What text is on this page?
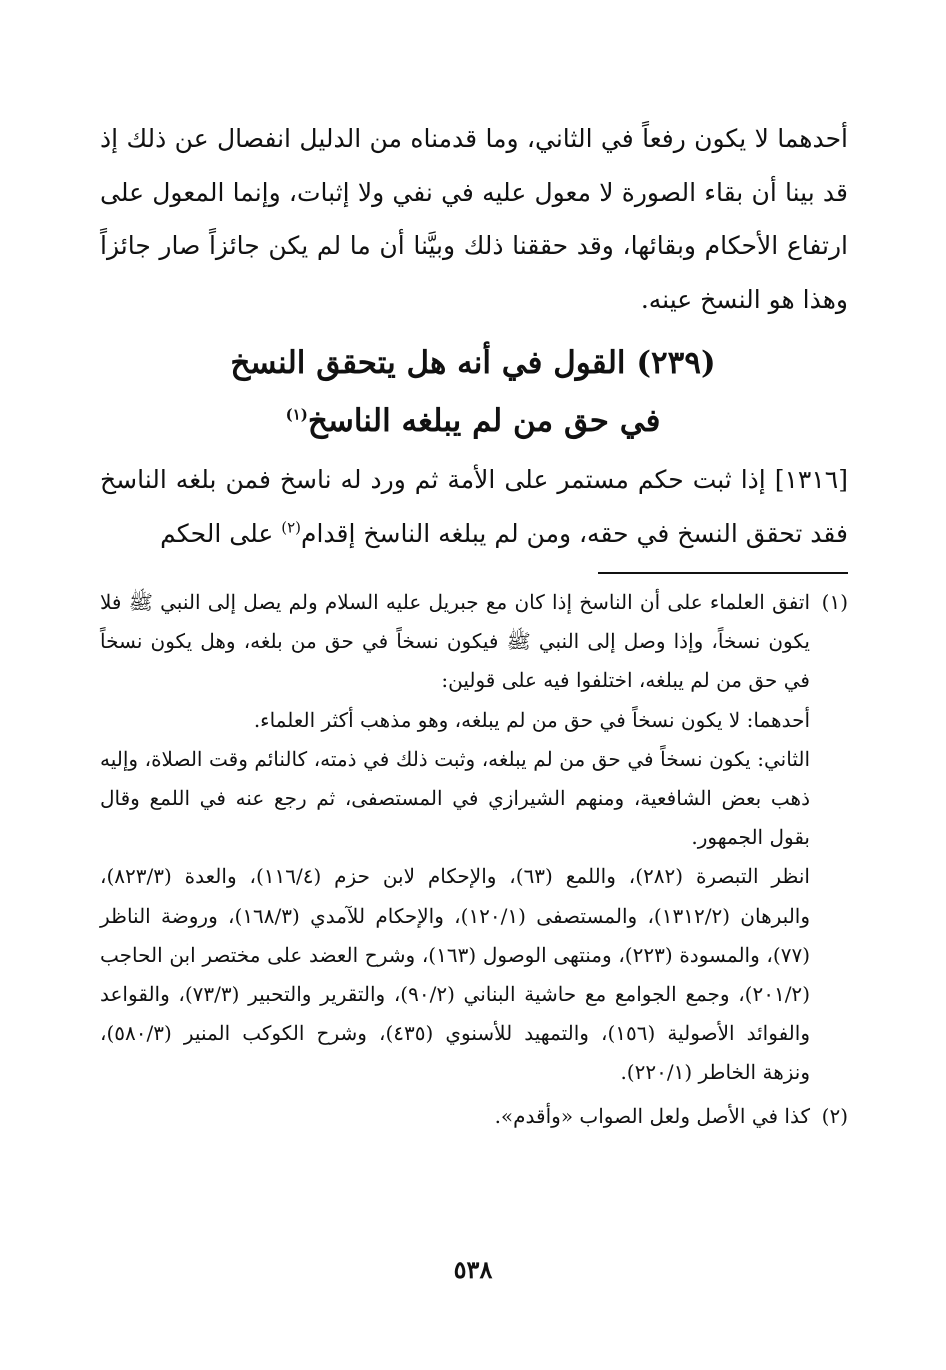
أحدهما لا يكون رفعاً في الثاني، وما قدمناه من الدليل انفصال عن ذلك إذ قد بينا أن بقاء الصورة لا معول عليه في نفي ولا إثبات، وإنما المعول على ارتفاع الأحكام وبقائها، وقد حققنا ذلك وبيَّنا أن ما لم يكن جائزاً صار جائزاً وهذا هو النسخ عينه.
(٢٣٩) القول في أنه هل يتحقق النسخ
في حق من لم يبلغه الناسخ$^{(١)}$
[١٣١٦] إذا ثبت حكم مستمر على الأمة ثم ورد له ناسخ فمن بلغه الناسخ فقد تحقق النسخ في حقه، ومن لم يبلغه الناسخ إقدام$^{(٢)}$ على الحكم
(١)

اتفق العلماء على أن الناسخ إذا كان مع جبريل عليه السلام ولم يصل إلى النبي ﷺ فلا يكون نسخاً، وإذا وصل إلى النبي ﷺ فيكون نسخاً في حق من بلغه، وهل يكون نسخاً في حق من لم يبلغه، اختلفوا فيه على قولين:

أحدهما: لا يكون نسخاً في حق من لم يبلغه، وهو مذهب أكثر العلماء.

الثاني: يكون نسخاً في حق من لم يبلغه، وثبت ذلك في ذمته، كالنائم وقت الصلاة، وإليه ذهب بعض الشافعية، ومنهم الشيرازي في المستصفى، ثم رجع عنه في اللمع وقال بقول الجمهور.

انظر التبصرة (٢٨٢)، واللمع (٦٣)، والإحكام لابن حزم (١١٦/٤)، والعدة (٨٢٣/٣)، والبرهان (١٣١٢/٢)، والمستصفى (١٢٠/١)، والإحكام للآمدي (١٦٨/٣)، وروضة الناظر (٧٧)، والمسودة (٢٢٣)، ومنتهى الوصول (١٦٣)، وشرح العضد على مختصر ابن الحاجب (٢٠١/٢)، وجمع الجوامع مع حاشية البناني (٩٠/٢)، والتقرير والتحبير (٧٣/٣)، والقواعد والفوائد الأصولية (١٥٦)، والتمهيد للأسنوي (٤٣٥)، وشرح الكوكب المنير (٥٨٠/٣)، ونزهة الخاطر (٢٢٠/١).

(٢)

كذا في الأصل ولعل الصواب «وأقدم».

٥٣٨
